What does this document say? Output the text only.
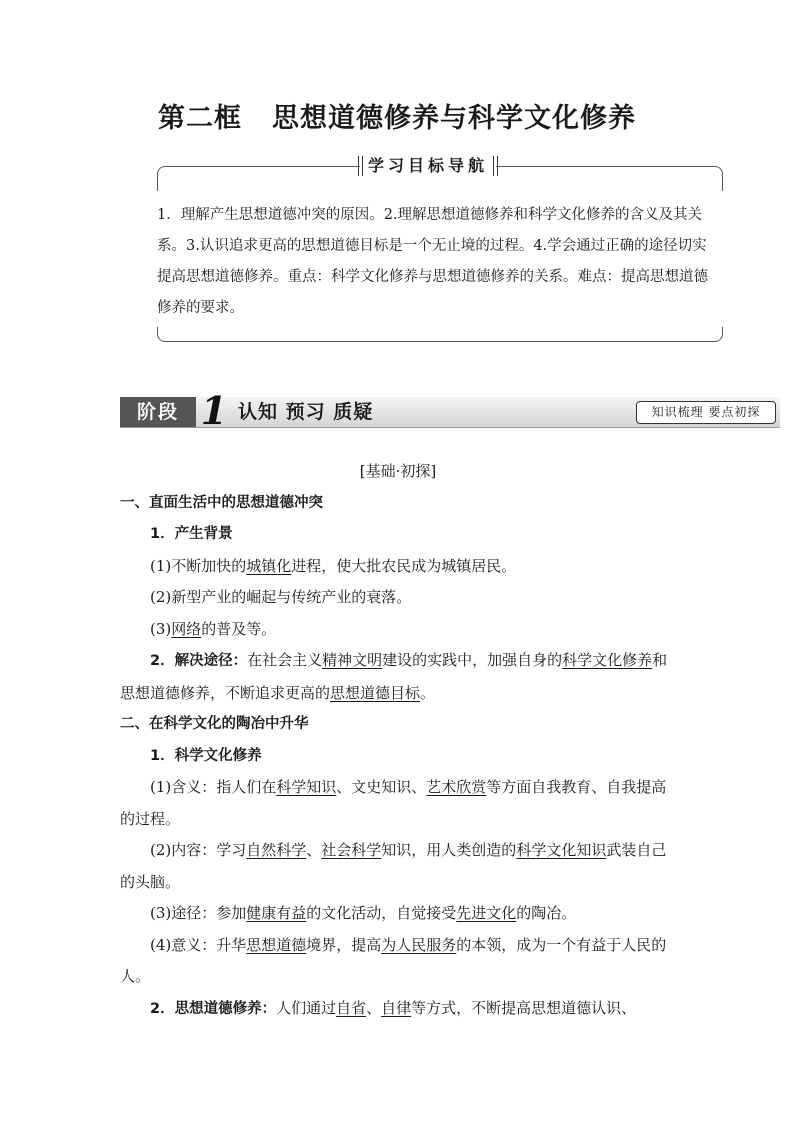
第二框 思想道德修养与科学文化修养
学习目标导航
1．理解产生思想道德冲突的原因。2.理解思想道德修养和科学文化修养的含义及其关系。3.认识追求更高的思想道德目标是一个无止境的过程。4.学会通过正确的途径切实提高思想道德修养。重点：科学文化修养与思想道德修养的关系。难点：提高思想道德修养的要求。
阶段 1 认知 预习 质疑	知识梳理 要点初探

[基础·初探]

一、直面生活中的思想道德冲突

1．产生背景

(1)不断加快的城镇化进程，使大批农民成为城镇居民。

(2)新型产业的崛起与传统产业的衰落。

(3)网络的普及等。

2．解决途径：在社会主义精神文明建设的实践中，加强自身的科学文化修养和思想道德修养，不断追求更高的思想道德目标。

二、在科学文化的陶冶中升华

1．科学文化修养

(1)含义：指人们在科学知识、文史知识、艺术欣赏等方面自我教育、自我提高的过程。

(2)内容：学习自然科学、社会科学知识，用人类创造的科学文化知识武装自己的头脑。

(3)途径：参加健康有益的文化活动，自觉接受先进文化的陶冶。

(4)意义：升华思想道德境界，提高为人民服务的本领，成为一个有益于人民的人。

2．思想道德修养：人们通过自省、自律等方式，不断提高思想道德认识、
